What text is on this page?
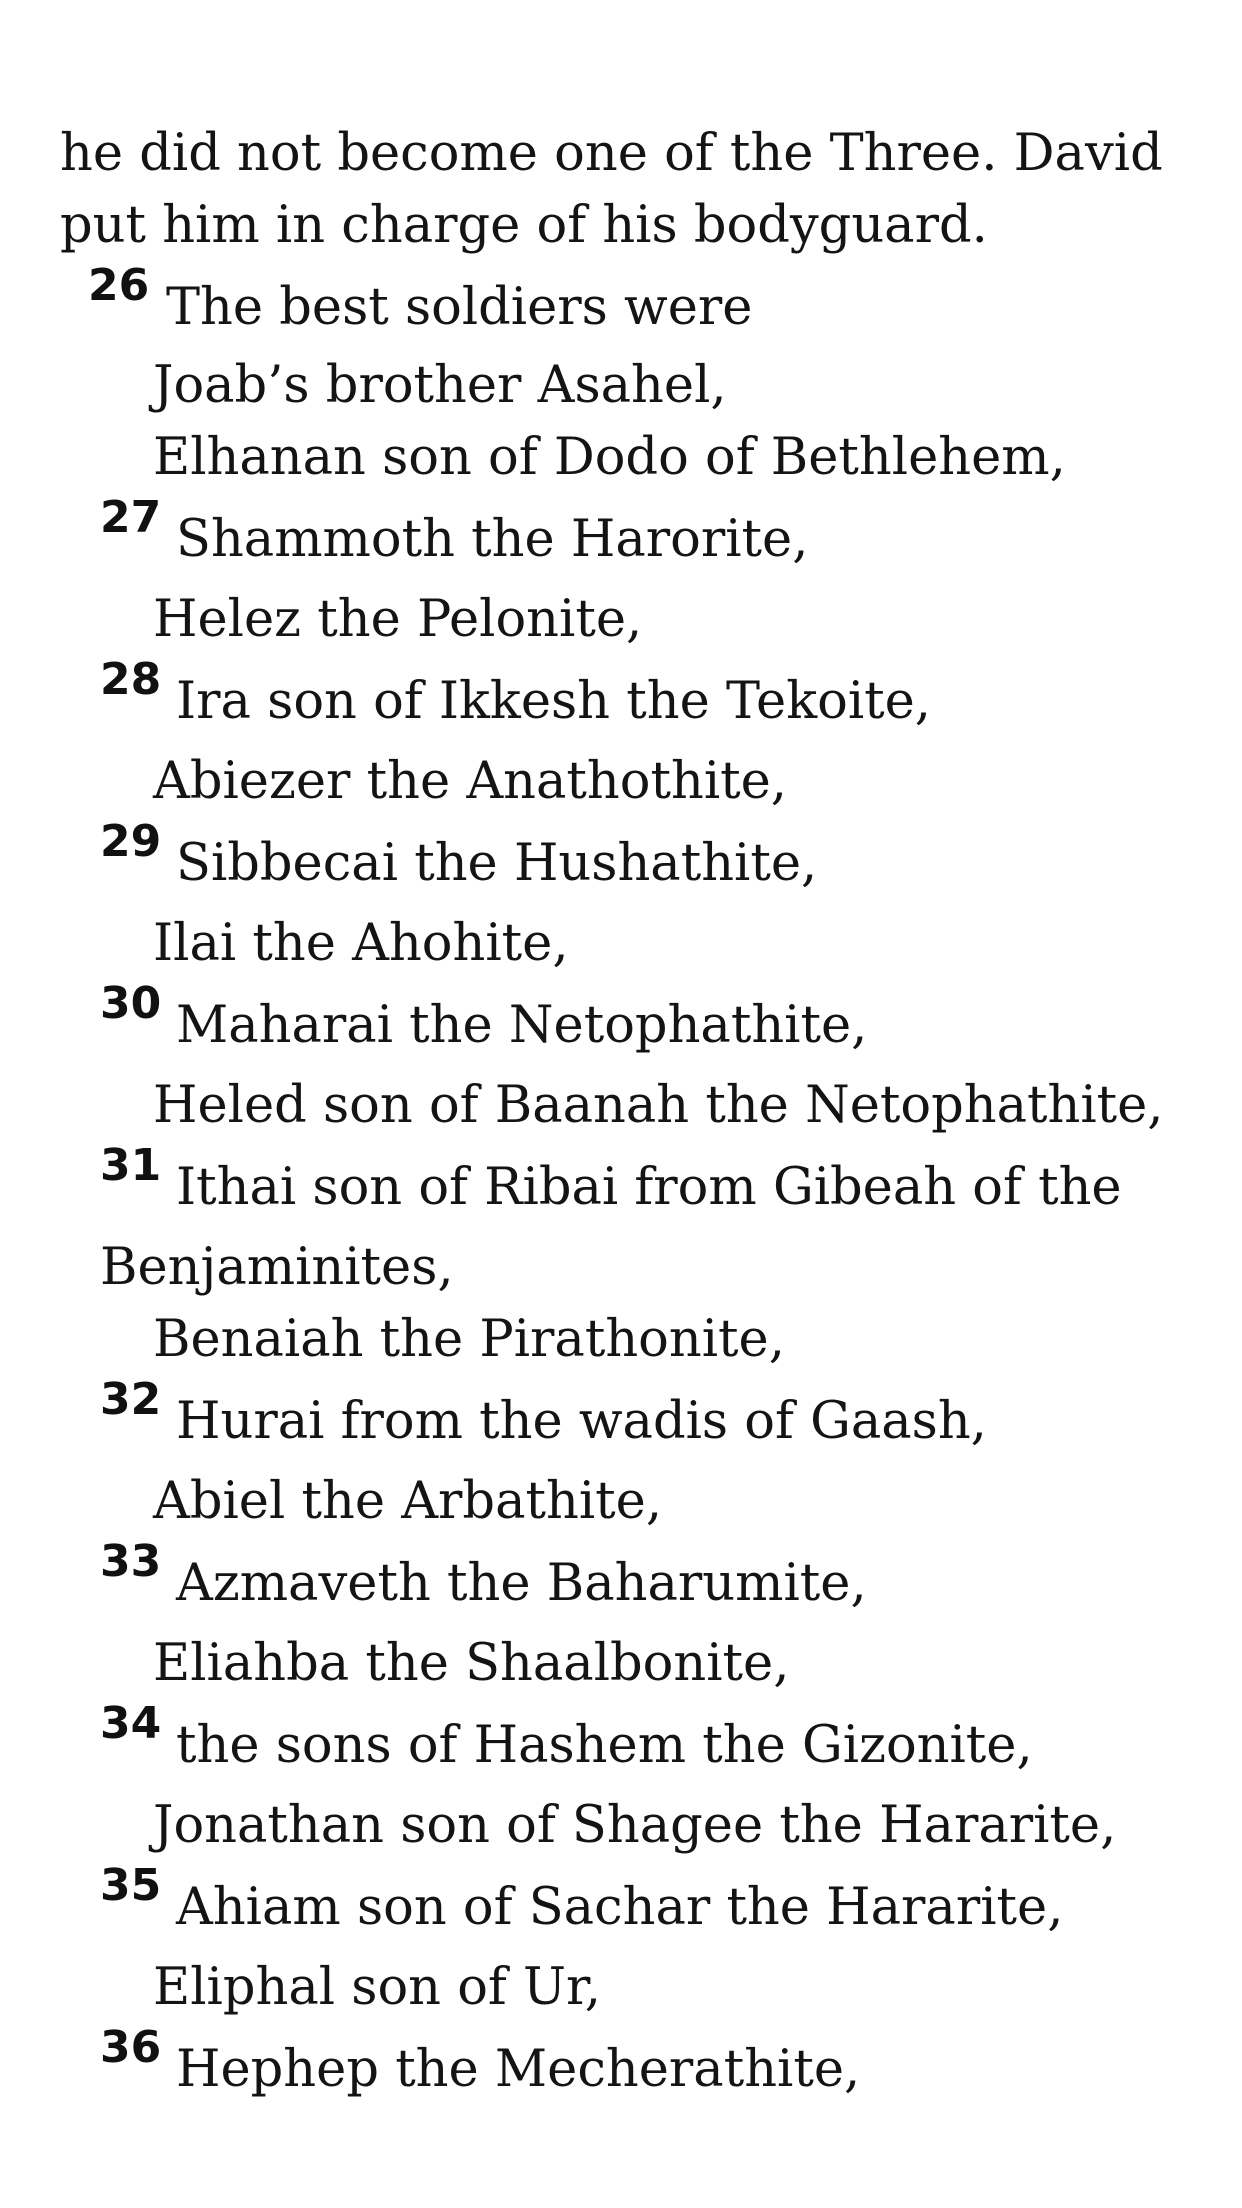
he did not become one of the Three. David
put him in charge of his bodyguard.
26 The best soldiers were
Joab’s brother Asahel,
Elhanan son of Dodo of Bethlehem,
27 Shammoth the Harorite,
Helez the Pelonite,
28 Ira son of Ikkesh the Tekoite,
Abiezer the Anathothite,
29 Sibbecai the Hushathite,
Ilai the Ahohite,
30 Maharai the Netophathite,
Heled son of Baanah the Netophathite,
31 Ithai son of Ribai from Gibeah of the
Benjaminites,
Benaiah the Pirathonite,
32 Hurai from the wadis of Gaash,
Abiel the Arbathite,
33 Azmaveth the Baharumite,
Eliahba the Shaalbonite,
34 the sons of Hashem the Gizonite,
Jonathan son of Shagee the Hararite,
35 Ahiam son of Sachar the Hararite,
Eliphal son of Ur,
36 Hephep the Mecherathite,
